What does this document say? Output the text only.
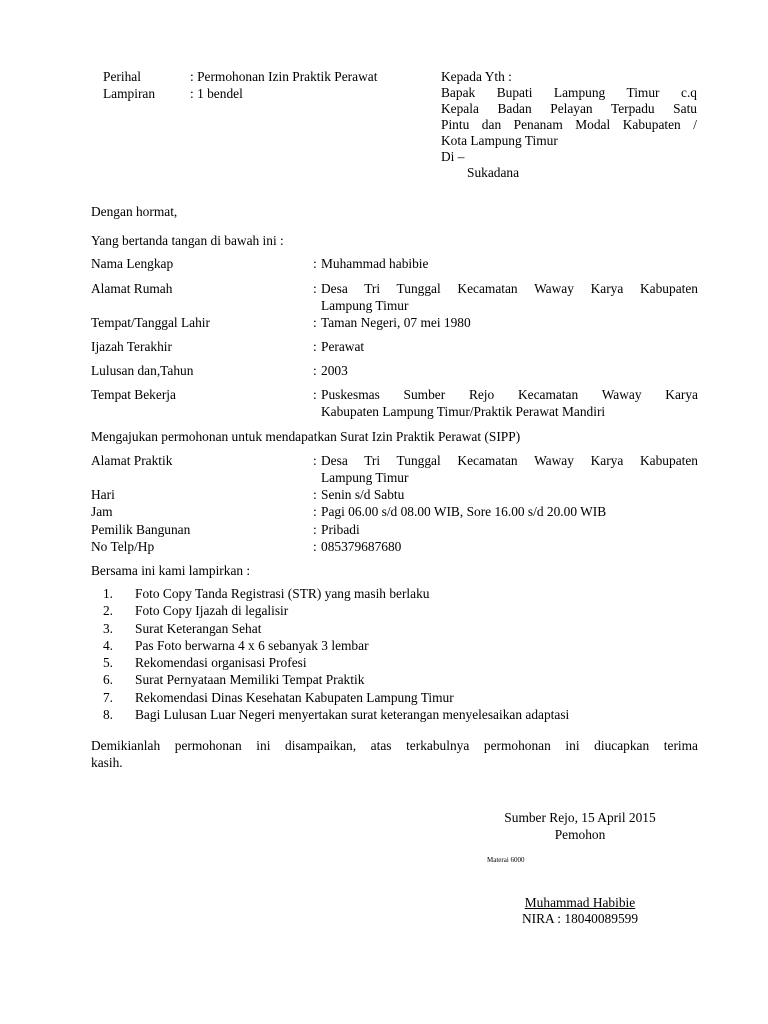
Perihal	: Permohonan Izin Praktik Perawat
Lampiran	: 1 bendel
Kepada Yth :
Bapak Bupati Lampung Timur c.q
Kepala Badan Pelayan Terpadu Satu
Pintu dan Penanam Modal Kabupaten /
Kota Lampung Timur
Di –
Sukadana
Dengan hormat,
Yang bertanda tangan di bawah ini :
Nama Lengkap	: Muhammad habibie
Alamat Rumah	: Desa Tri Tunggal Kecamatan Waway Karya Kabupaten
Lampung Timur
Tempat/Tanggal Lahir	: Taman Negeri, 07 mei 1980
Ijazah Terakhir	: Perawat
Lulusan dan,Tahun	: 2003
Tempat Bekerja	: Puskesmas Sumber Rejo Kecamatan Waway Karya
Kabupaten Lampung Timur/Praktik Perawat Mandiri
Mengajukan permohonan untuk mendapatkan Surat Izin Praktik Perawat (SIPP)
Alamat Praktik	: Desa Tri Tunggal Kecamatan Waway Karya Kabupaten
Lampung Timur
Hari	: Senin s/d Sabtu
Jam	: Pagi 06.00 s/d 08.00 WIB, Sore 16.00 s/d 20.00 WIB
Pemilik Bangunan	: Pribadi
No Telp/Hp	: 085379687680
Bersama ini kami lampirkan :
1.	Foto Copy Tanda Registrasi (STR) yang masih berlaku
2.	Foto Copy Ijazah di legalisir
3.	Surat Keterangan Sehat
4.	Pas Foto berwarna 4 x 6 sebanyak 3 lembar
5.	Rekomendasi organisasi Profesi
6.	Surat Pernyataan Memiliki Tempat Praktik
7.	Rekomendasi Dinas Kesehatan Kabupaten Lampung Timur
8.	Bagi Lulusan Luar Negeri menyertakan surat keterangan menyelesaikan adaptasi
Demikianlah permohonan ini disampaikan, atas terkabulnya permohonan ini diucapkan terima
kasih.
Sumber Rejo, 15 April 2015
Pemohon
Materai 6000
Muhammad Habibie
NIRA : 18040089599
